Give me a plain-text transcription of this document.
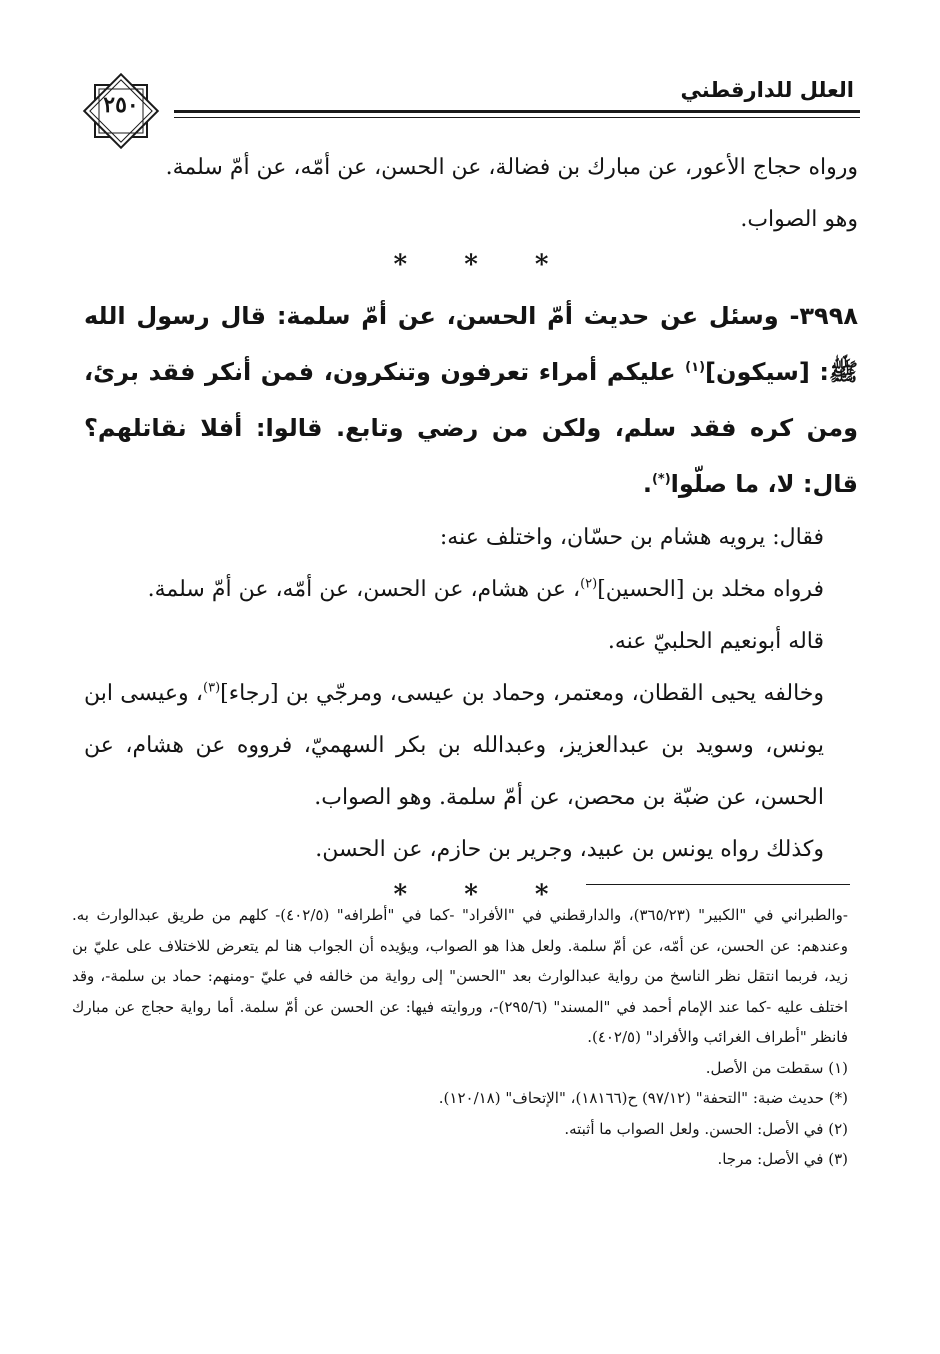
العلل للدارقطني
٢٥٠

ورواه حجاج الأعور، عن مبارك بن فضالة، عن الحسن، عن أمّه، عن أمّ سلمة.

وهو الصواب.

* * *

٣٩٩٨- وسئل عن حديث أمّ الحسن، عن أمّ سلمة: قال رسول الله ﷺ: [سيكون]$^{(١)}$ عليكم أمراء تعرفون وتنكرون، فمن أنكر فقد برئ، ومن كره فقد سلم، ولكن من رضي وتابع. قالوا: أفلا نقاتلهم؟ قال: لا، ما صلّوا(*).

فقال: يرويه هشام بن حسّان، واختلف عنه:

فرواه مخلد بن [الحسين]$^{(٢)}$، عن هشام، عن الحسن، عن أمّه، عن أمّ سلمة.

قاله أبونعيم الحلبيّ عنه.

وخالفه يحيى القطان، ومعتمر، وحماد بن عيسى، ومرجّي بن [رجاء]$^{(٣)}$، وعيسى ابن يونس، وسويد بن عبدالعزيز، وعبدالله بن بكر السهميّ، فرووه عن هشام، عن الحسن، عن ضبّة بن محصن، عن أمّ سلمة. وهو الصواب.

وكذلك رواه يونس بن عبيد، وجرير بن حازم، عن الحسن.

* * *

-والطبراني في "الكبير" (٣٦٥/٢٣)، والدارقطني في "الأفراد" -كما في "أطرافه" (٤٠٢/٥)- كلهم من طريق عبدالوارث به. وعندهم: عن الحسن، عن أمّه، عن أمّ سلمة. ولعل هذا هو الصواب، ويؤيده أن الجواب هنا لم يتعرض للاختلاف على عليّ بن زيد، فربما انتقل نظر الناسخ من رواية عبدالوارث بعد "الحسن" إلى رواية من خالفه في عليّ -ومنهم: حماد بن سلمة-، وقد اختلف عليه -كما عند الإمام أحمد في "المسند" (٢٩٥/٦)-، وروايته فيها: عن الحسن عن أمّ سلمة. أما رواية حجاج عن مبارك فانظر "أطراف الغرائب والأفراد" (٤٠٢/٥).

(١) سقطت من الأصل.

(*) حديث ضبة: "التحفة" (٩٧/١٢) ح(١٨١٦٦)، "الإتحاف" (١٢٠/١٨).

(٢) في الأصل: الحسن. ولعل الصواب ما أثبته.

(٣) في الأصل: مرجا.
